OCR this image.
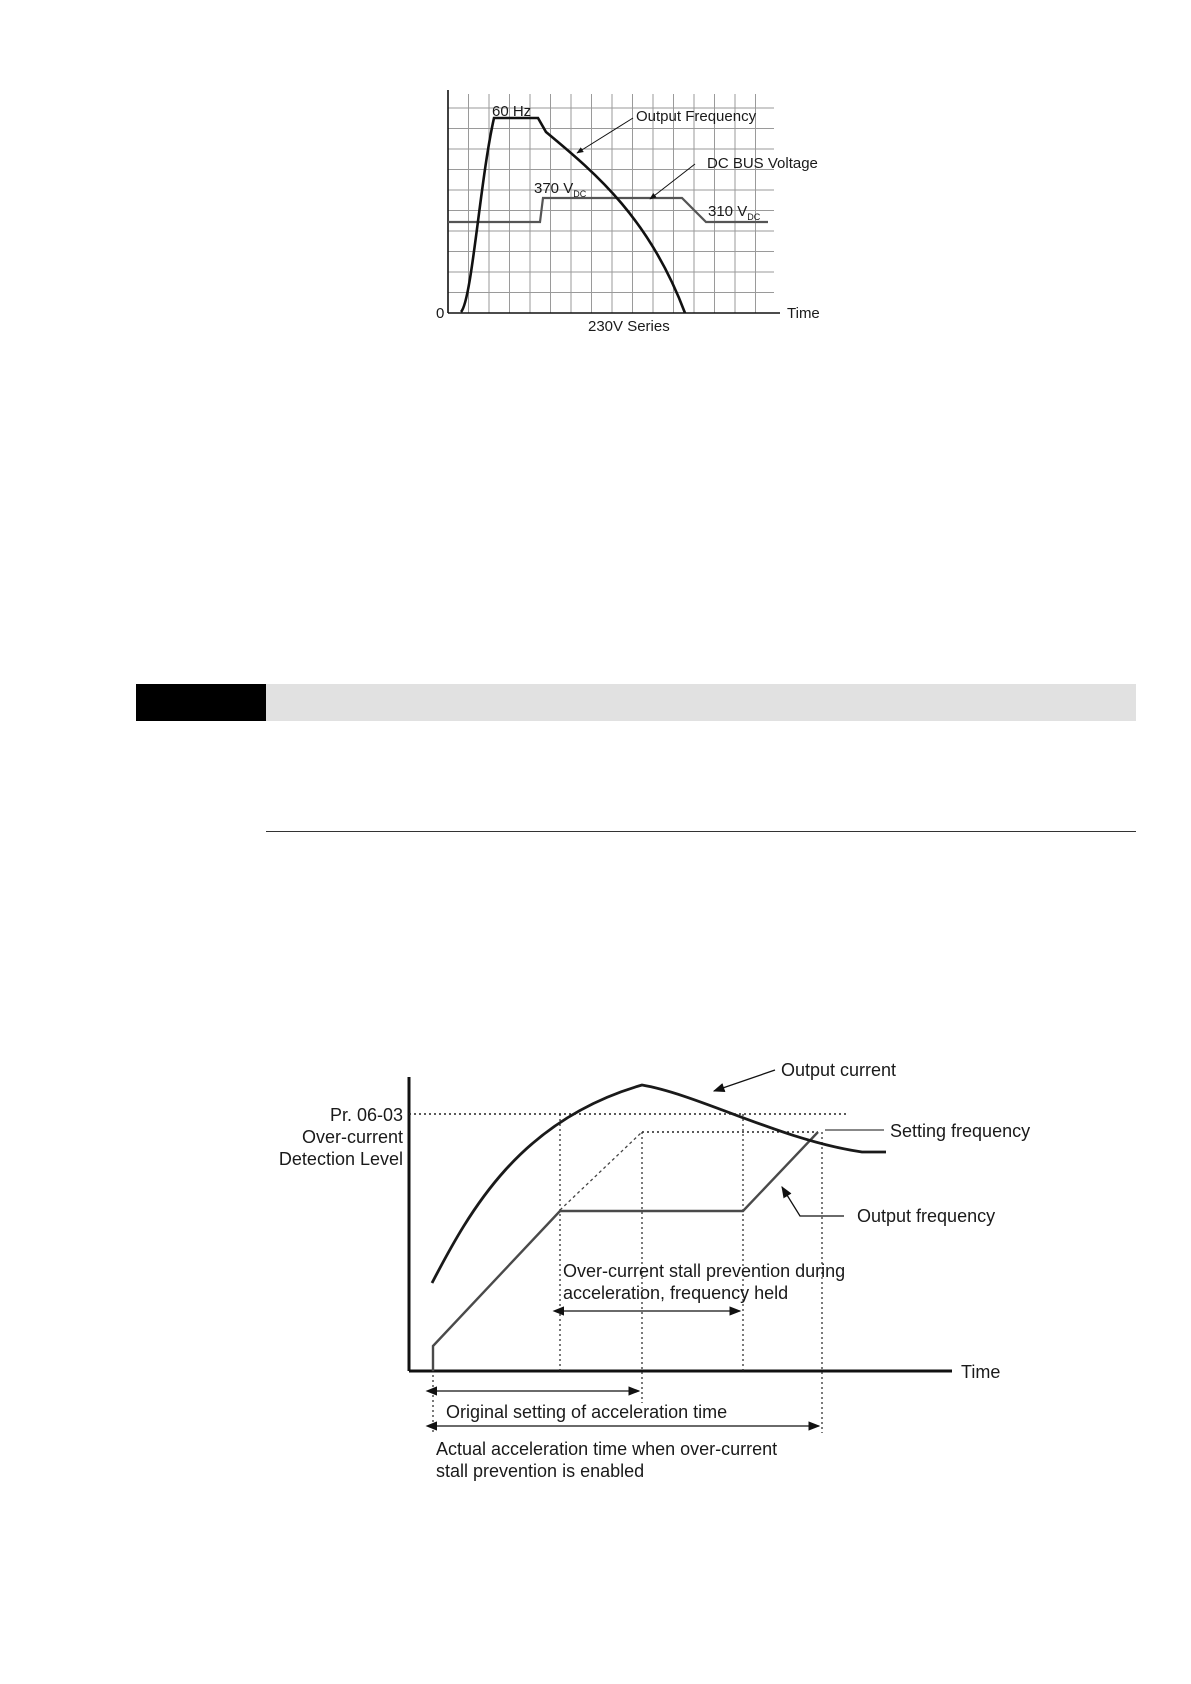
60 Hz	Output Frequency
DC BUS Voltage
370 $V_{DC}$
310 $V_{DC}$
0	Time
230V Series
Pr. 06-03
Over-current
Detection Level
Output current
Setting frequency
Output frequency
Over-current stall prevention during
acceleration, frequency held
Time
Original setting of acceleration time
Actual acceleration time when over-current
stall prevention is enabled
